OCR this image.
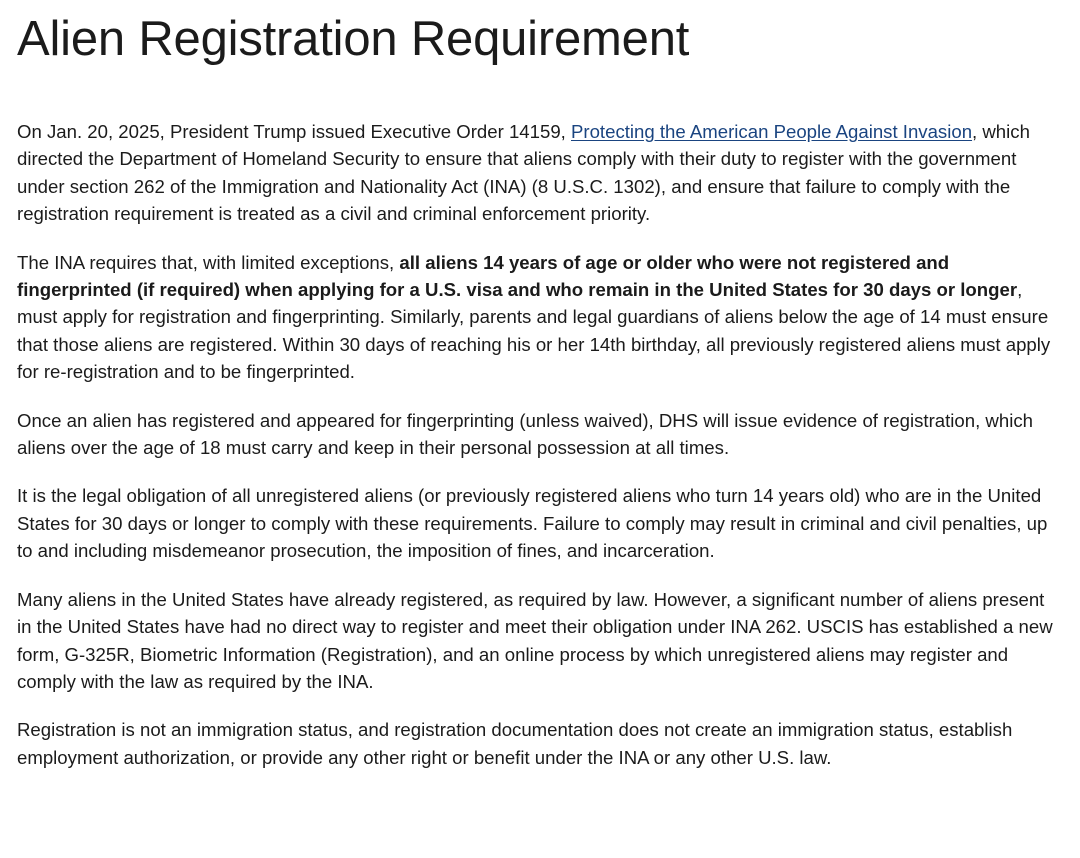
Alien Registration Requirement

On Jan. 20, 2025, President Trump issued Executive Order 14159, Protecting the American People Against Invasion, which directed the Department of Homeland Security to ensure that aliens comply with their duty to register with the government under section 262 of the Immigration and Nationality Act (INA) (8 U.S.C. 1302), and ensure that failure to comply with the registration requirement is treated as a civil and criminal enforcement priority.

The INA requires that, with limited exceptions, all aliens 14 years of age or older who were not registered and fingerprinted (if required) when applying for a U.S. visa and who remain in the United States for 30 days or longer, must apply for registration and fingerprinting. Similarly, parents and legal guardians of aliens below the age of 14 must ensure that those aliens are registered. Within 30 days of reaching his or her 14th birthday, all previously registered aliens must apply for re-registration and to be fingerprinted.

Once an alien has registered and appeared for fingerprinting (unless waived), DHS will issue evidence of registration, which aliens over the age of 18 must carry and keep in their personal possession at all times.

It is the legal obligation of all unregistered aliens (or previously registered aliens who turn 14 years old) who are in the United States for 30 days or longer to comply with these requirements. Failure to comply may result in criminal and civil penalties, up to and including misdemeanor prosecution, the imposition of fines, and incarceration.

Many aliens in the United States have already registered, as required by law. However, a significant number of aliens present in the United States have had no direct way to register and meet their obligation under INA 262. USCIS has established a new form, G-325R, Biometric Information (Registration), and an online process by which unregistered aliens may register and comply with the law as required by the INA.

Registration is not an immigration status, and registration documentation does not create an immigration status, establish employment authorization, or provide any other right or benefit under the INA or any other U.S. law.
